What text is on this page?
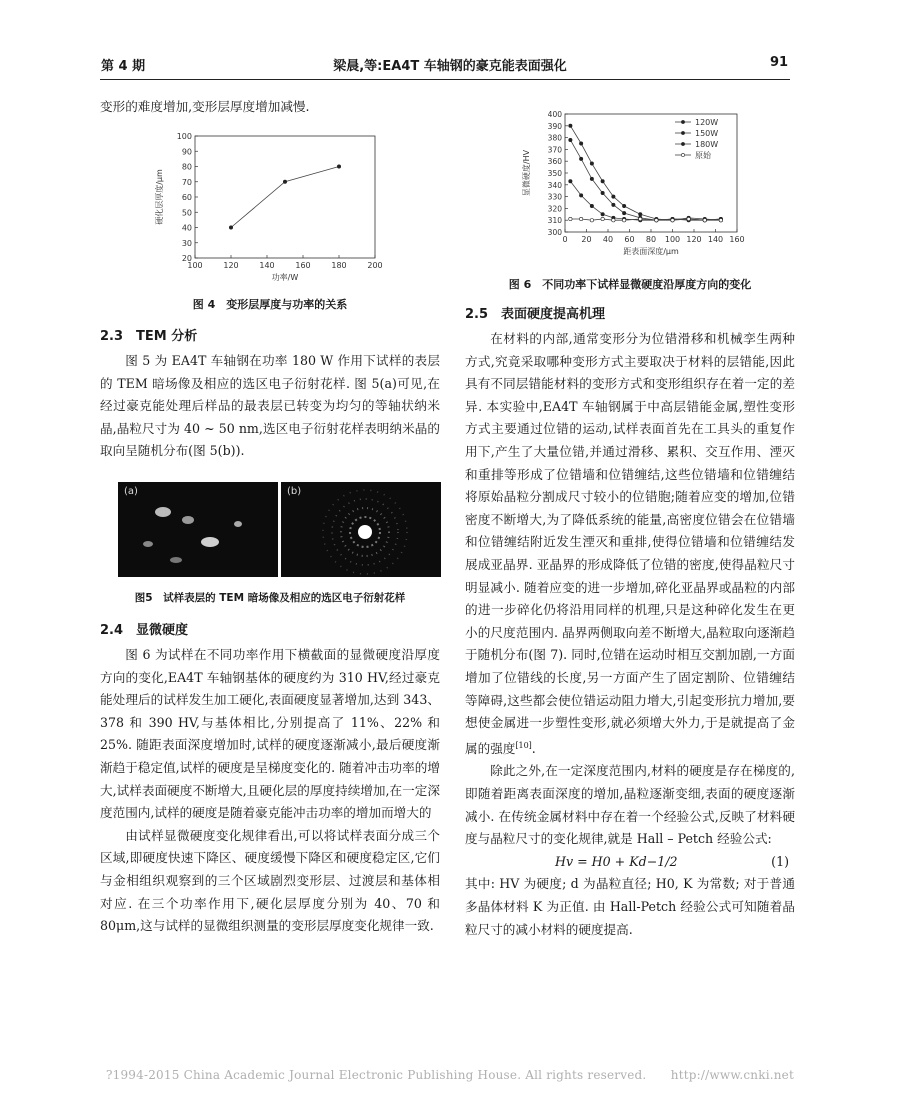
第 4 期	梁晨,等:EA4T 车轴钢的豪克能表面强化	91

变形的难度增加,变形层厚度增加减慢.

100	120	140	160	180	200
20
30
40
50
60
70
80
90
100
功率/W
硬化层厚度/μm
图 4　变形层厚度与功率的关系
2.3　TEM 分析

图 5 为 EA4T 车轴钢在功率 180 W 作用下试样的表层的 TEM 暗场像及相应的选区电子衍射花样. 图 5(a)可见,在经过豪克能处理后样品的最表层已转变为均匀的等轴状纳米晶,晶粒尺寸为 40 ~ 50 nm,选区电子衍射花样表明纳米晶的取向呈随机分布(图 5(b)).

(a)	(b)
图5　试样表层的 TEM 暗场像及相应的选区电子衍射花样
2.4　显微硬度

图 6 为试样在不同功率作用下横截面的显微硬度沿厚度方向的变化,EA4T 车轴钢基体的硬度约为 310 HV,经过豪克能处理后的试样发生加工硬化,表面硬度显著增加,达到 343、378 和 390 HV,与基体相比,分别提高了 11%、22% 和 25%. 随距表面深度增加时,试样的硬度逐渐减小,最后硬度渐渐趋于稳定值,试样的硬度是呈梯度变化的. 随着冲击功率的增大,试样表面硬度不断增大,且硬化层的厚度持续增加,在一定深度范围内,试样的硬度是随着豪克能冲击功率的增加而增大的

由试样显微硬度变化规律看出,可以将试样表面分成三个区域,即硬度快速下降区、硬度缓慢下降区和硬度稳定区,它们与金相组织观察到的三个区域剧烈变形层、过渡层和基体相对应. 在三个功率作用下,硬化层厚度分别为 40、70 和 80μm,这与试样的显微组织测量的变形层厚度变化规律一致.

0 20 40 60 80 100 120 140 160
300
310
320
330
340
350
360
370
380
390
400
距表面深度/μm
显微硬度/HV
120W
150W
180W
原始
图 6　不同功率下试样显微硬度沿厚度方向的变化
2.5　表面硬度提高机理

在材料的内部,通常变形分为位错滑移和机械孪生两种方式,究竟采取哪种变形方式主要取决于材料的层错能,因此具有不同层错能材料的变形方式和变形组织存在着一定的差异. 本实验中,EA4T 车轴钢属于中高层错能金属,塑性变形方式主要通过位错的运动,试样表面首先在工具头的重复作用下,产生了大量位错,并通过滑移、累积、交互作用、湮灭和重排等形成了位错墙和位错缠结,这些位错墙和位错缠结将原始晶粒分割成尺寸较小的位错胞;随着应变的增加,位错密度不断增大,为了降低系统的能量,高密度位错会在位错墙和位错缠结附近发生湮灭和重排,使得位错墙和位错缠结发展成亚晶界. 亚晶界的形成降低了位错的密度,使得晶粒尺寸明显减小. 随着应变的进一步增加,碎化亚晶界或晶粒的内部的进一步碎化仍将沿用同样的机理,只是这种碎化发生在更小的尺度范围内. 晶界两侧取向差不断增大,晶粒取向逐渐趋于随机分布(图 7). 同时,位错在运动时相互交割加剧,一方面增加了位错线的长度,另一方面产生了固定割阶、位错缠结等障碍,这些都会使位错运动阻力增大,引起变形抗力增加,要想使金属进一步塑性变形,就必须增大外力,于是就提高了金属的强度[10].

除此之外,在一定深度范围内,材料的硬度是存在梯度的,即随着距离表面深度的增加,晶粒逐渐变细,表面的硬度逐渐减小. 在传统金属材料中存在着一个经验公式,反映了材料硬度与晶粒尺寸的变化规律,就是 Hall – Petch 经验公式:

Hv = H0 + Kd−1/2	(1)

其中: HV 为硬度; d 为晶粒直径; H0, K 为常数; 对于普通多晶体材料 K 为正值. 由 Hall-Petch 经验公式可知随着晶粒尺寸的减小材料的硬度提高.

?1994-2015 China Academic Journal Electronic Publishing House. All rights reserved.　　http://www.cnki.net
